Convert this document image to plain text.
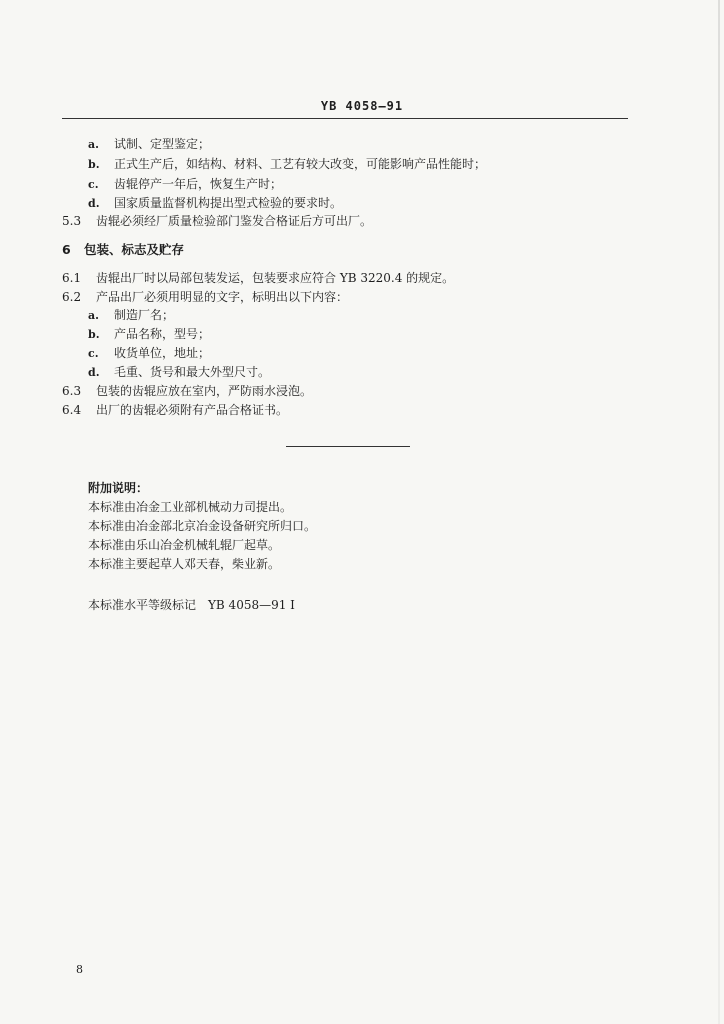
YB 4058—91
a. 试制、定型鉴定；
b. 正式生产后，如结构、材料、工艺有较大改变，可能影响产品性能时；
c. 齿辊停产一年后，恢复生产时；
d. 国家质量监督机构提出型式检验的要求时。
5.3 齿辊必须经厂质量检验部门鉴发合格证后方可出厂。
6 包装、标志及贮存
6.1 齿辊出厂时以局部包装发运，包装要求应符合 YB 3220.4 的规定。
6.2 产品出厂必须用明显的文字，标明出以下内容：
a. 制造厂名；
b. 产品名称，型号；
c. 收货单位，地址；
d. 毛重、货号和最大外型尺寸。
6.3 包装的齿辊应放在室内，严防雨水浸泡。
6.4 出厂的齿辊必须附有产品合格证书。
附加说明：
本标准由冶金工业部机械动力司提出。
本标准由冶金部北京冶金设备研究所归口。
本标准由乐山冶金机械轧辊厂起草。
本标准主要起草人邓天春，柴业新。
本标准水平等级标记　YB 4058—91 Ⅰ
8
